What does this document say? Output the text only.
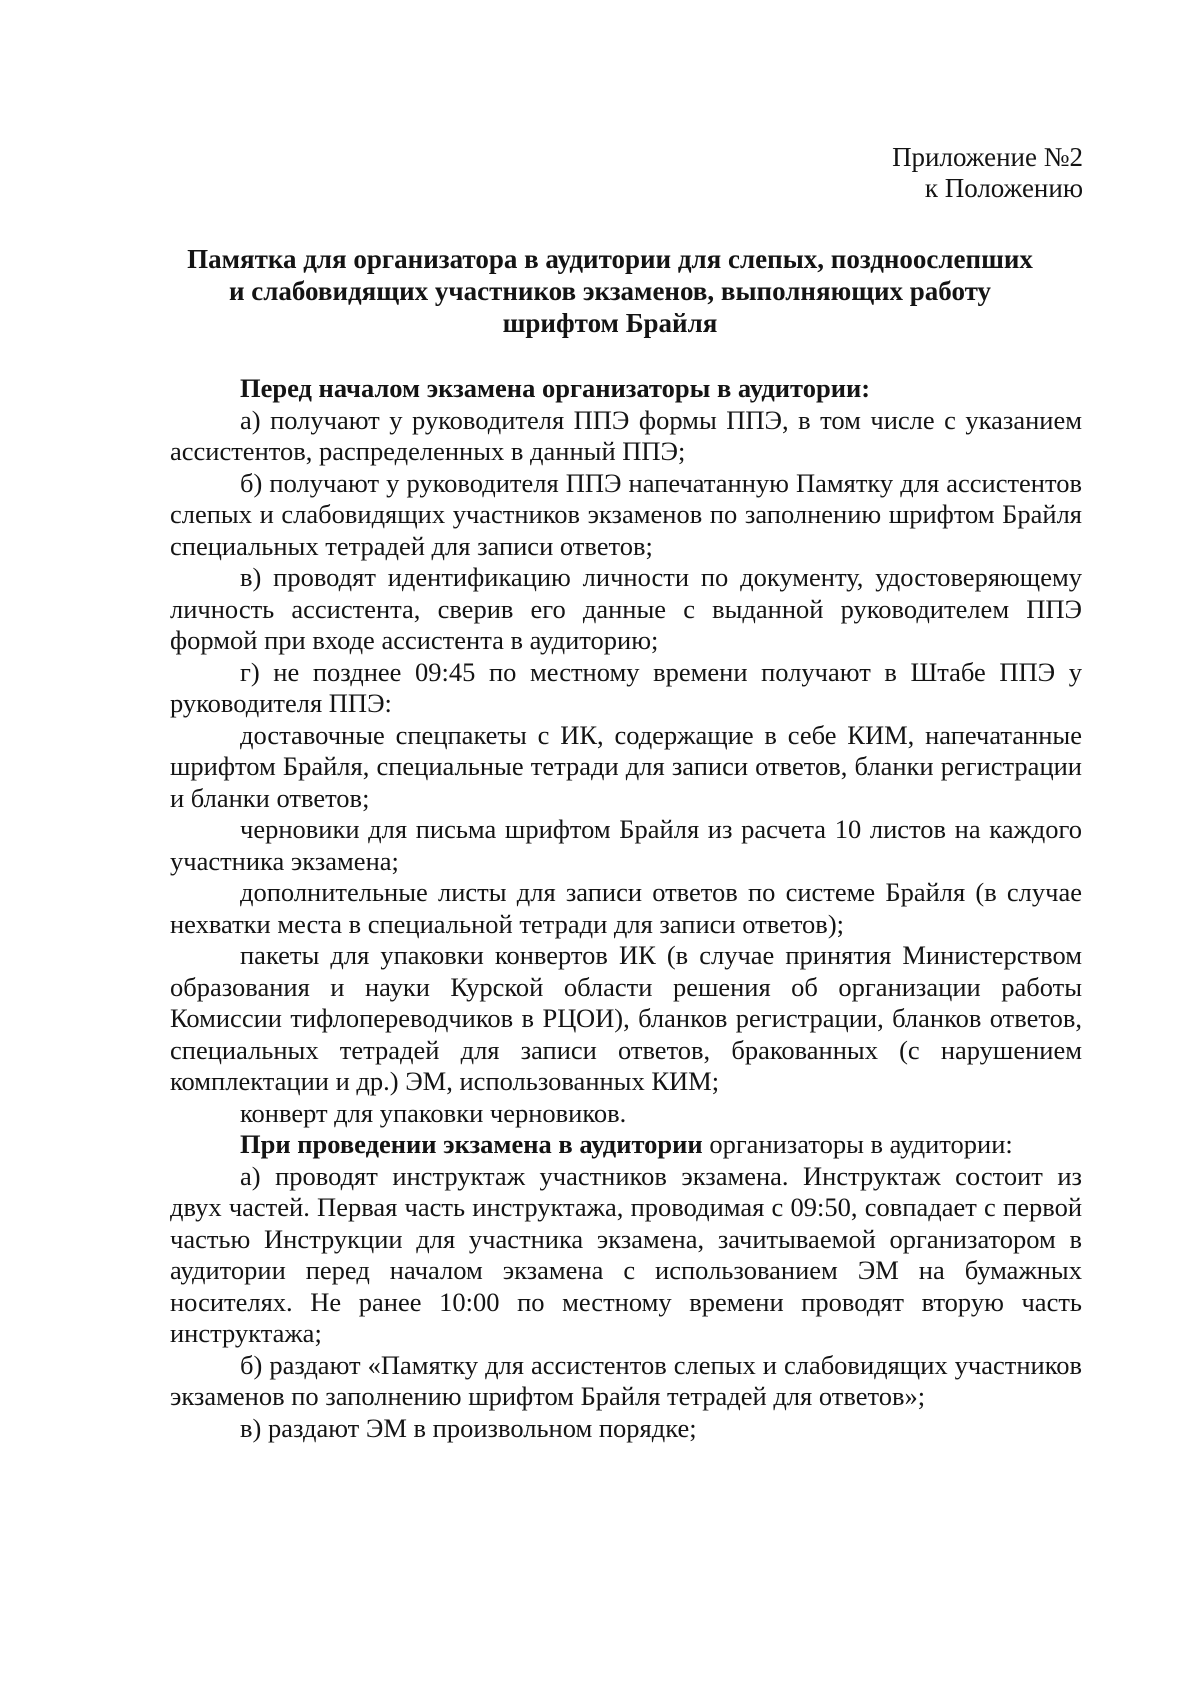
Приложение №2
к Положению
Памятка для организатора в аудитории для слепых, поздноослепших
и слабовидящих участников экзаменов, выполняющих работу
шрифтом Брайля

Перед началом экзамена организаторы в аудитории:

а) получают у руководителя ППЭ формы ППЭ, в том числе с указанием ассистентов, распределенных в данный ППЭ;

б) получают у руководителя ППЭ напечатанную Памятку для ассистентов слепых и слабовидящих участников экзаменов по заполнению шрифтом Брайля специальных тетрадей для записи ответов;

в) проводят идентификацию личности по документу, удостоверяющему личность ассистента, сверив его данные с выданной руководителем ППЭ формой при входе ассистента в аудиторию;

г) не позднее 09:45 по местному времени получают в Штабе ППЭ у руководителя ППЭ:

доставочные спецпакеты с ИК, содержащие в себе КИМ, напечатанные шрифтом Брайля, специальные тетради для записи ответов, бланки регистрации и бланки ответов;

черновики для письма шрифтом Брайля из расчета 10 листов на каждого участника экзамена;

дополнительные листы для записи ответов по системе Брайля (в случае нехватки места в специальной тетради для записи ответов);

пакеты для упаковки конвертов ИК (в случае принятия Министерством образования и науки Курской области решения об организации работы Комиссии тифлопереводчиков в РЦОИ), бланков регистрации, бланков ответов, специальных тетрадей для записи ответов, бракованных (с нарушением комплектации и др.) ЭМ, использованных КИМ;

конверт для упаковки черновиков.

При проведении экзамена в аудитории организаторы в аудитории:

а) проводят инструктаж участников экзамена. Инструктаж состоит из двух частей. Первая часть инструктажа, проводимая с 09:50, совпадает с первой частью Инструкции для участника экзамена, зачитываемой организатором в аудитории перед началом экзамена с использованием ЭМ на бумажных носителях. Не ранее 10:00 по местному времени проводят вторую часть инструктажа;

б) раздают «Памятку для ассистентов слепых и слабовидящих участников экзаменов по заполнению шрифтом Брайля тетрадей для ответов»;

в) раздают ЭМ в произвольном порядке;
